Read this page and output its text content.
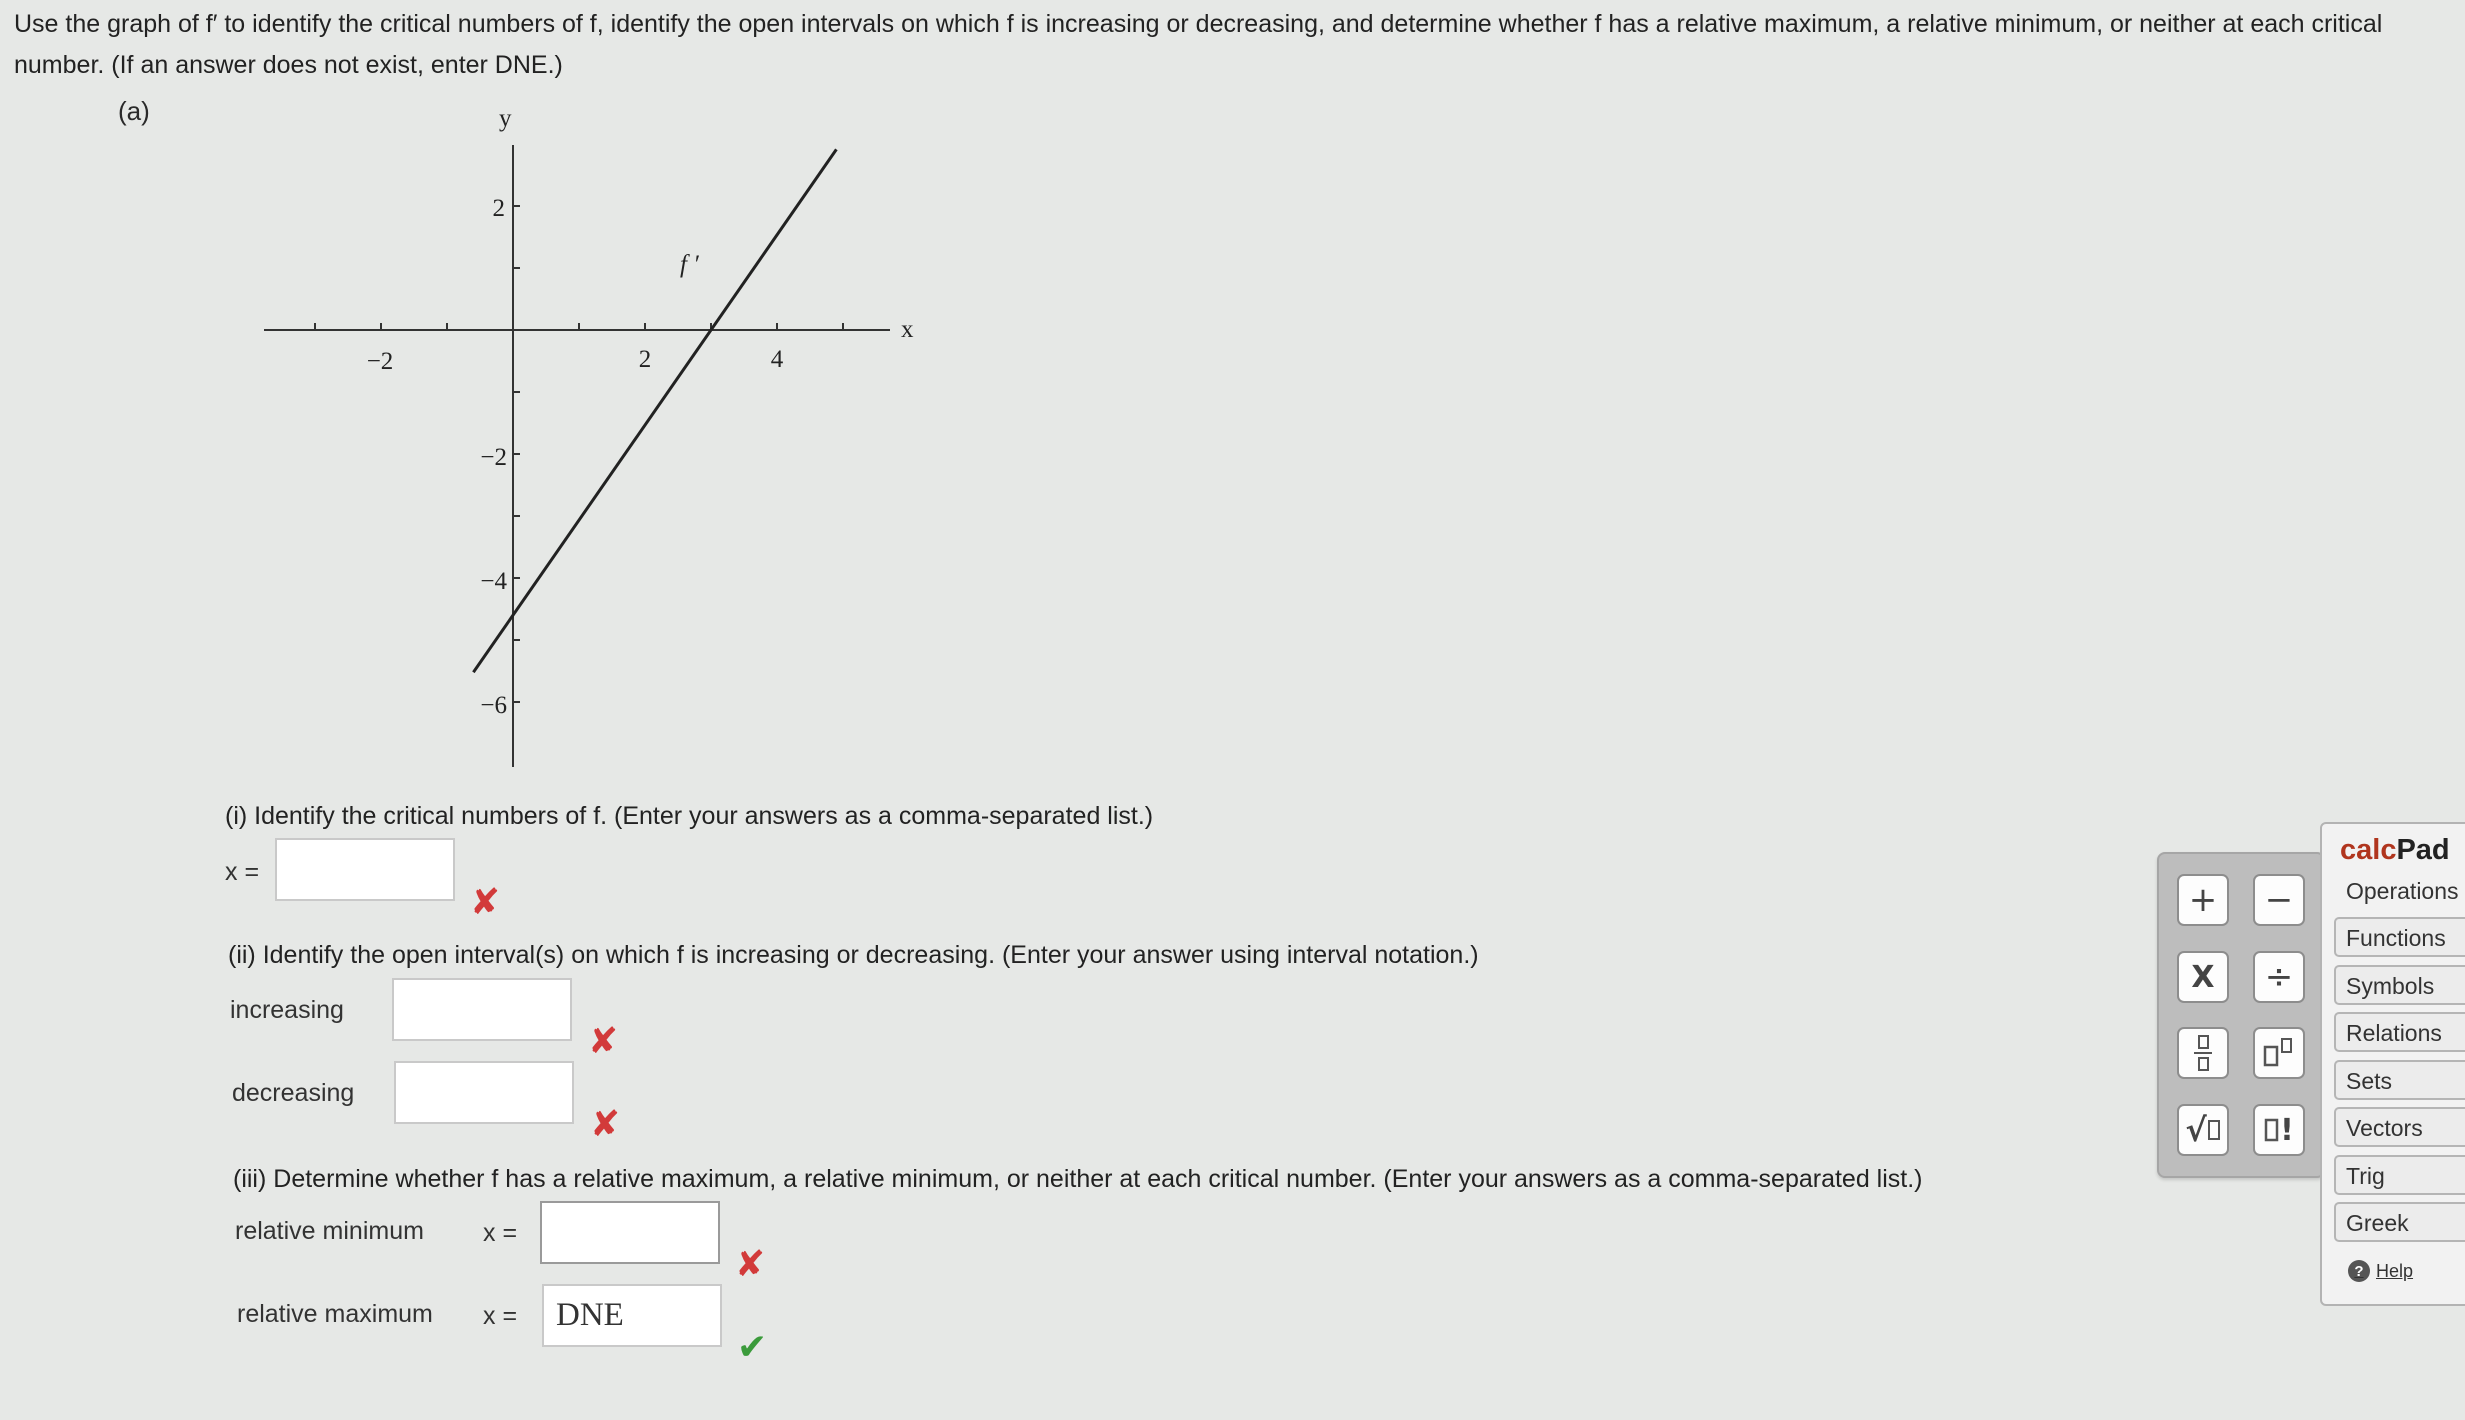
Use the graph of f′ to identify the critical numbers of f, identify the open intervals on which f is increasing or decreasing, and determine whether f has a relative maximum, a relative minimum, or neither at each critical number. (If an answer does not exist, enter DNE.)
(a)
−2	2	4
2
−2
−4
−6
x
y
f ′
(i) Identify the critical numbers of f. (Enter your answers as a comma-separated list.)
x =
✘
(ii) Identify the open interval(s) on which f is increasing or decreasing. (Enter your answer using interval notation.)
increasing
✘
decreasing
✘
(iii) Determine whether f has a relative maximum, a relative minimum, or neither at each critical number. (Enter your answers as a comma-separated list.)
relative minimum x =
✘
relative maximum x =
DNE
✔
+ −
X ÷
√ !
calcPad
Operations
Functions
Symbols
Relations
Sets
Vectors
Trig
Greek
? Help
